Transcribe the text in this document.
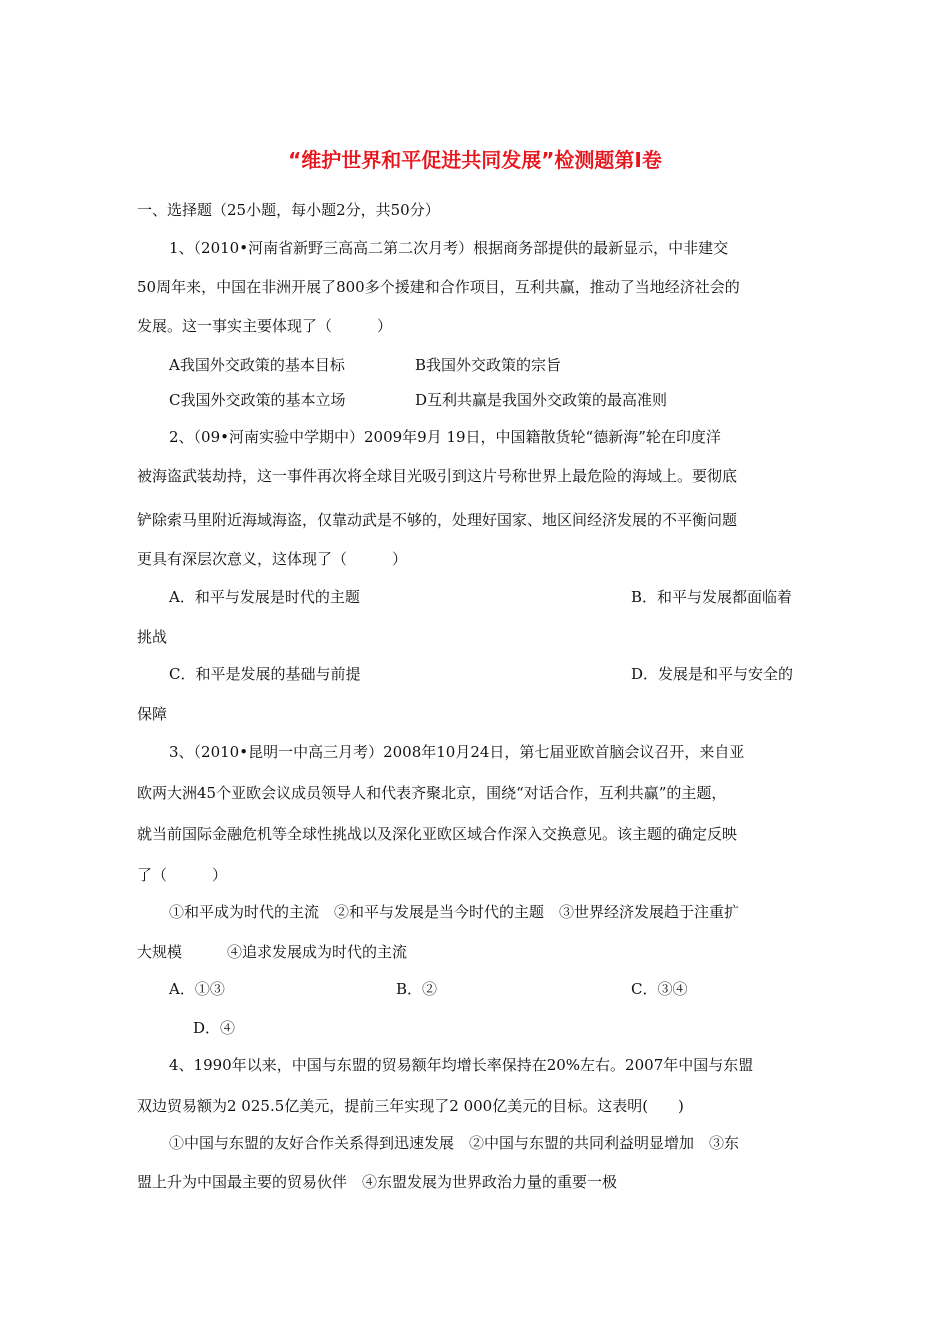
“维护世界和平促进共同发展”检测题第Ⅰ卷
一、选择题（25小题，每小题2分，共50分）
1、（2010•河南省新野三高高二第二次月考）根据商务部提供的最新显示，中非建交
50周年来，中国在非洲开展了800多个援建和合作项目，互利共赢，推动了当地经济社会的
发展。这一事实主要体现了（　　　）
A我国外交政策的基本目标	B我国外交政策的宗旨
C我国外交政策的基本立场	D互利共赢是我国外交政策的最高准则
2、（09•河南实验中学期中）2009年9月 19日，中国籍散货轮“德新海”轮在印度洋
被海盗武装劫持，这一事件再次将全球目光吸引到这片号称世界上最危险的海域上。要彻底
铲除索马里附近海域海盗，仅靠动武是不够的，处理好国家、地区间经济发展的不平衡问题
更具有深层次意义，这体现了（　　　）
A．和平与发展是时代的主题	B．和平与发展都面临着
挑战
C．和平是发展的基础与前提	D．发展是和平与安全的
保障
3、（2010•昆明一中高三月考）2008年10月24日，第七届亚欧首脑会议召开，来自亚
欧两大洲45个亚欧会议成员领导人和代表齐聚北京，围绕“对话合作，互利共赢”的主题，
就当前国际金融危机等全球性挑战以及深化亚欧区域合作深入交换意见。该主题的确定反映
了（　　　）
①和平成为时代的主流　②和平与发展是当今时代的主题　③世界经济发展趋于注重扩
大规模　　　④追求发展成为时代的主流
A．①③	B．②	C．③④
D．④
4、1990年以来，中国与东盟的贸易额年均增长率保持在20%左右。2007年中国与东盟
双边贸易额为2 025.5亿美元，提前三年实现了2 000亿美元的目标。这表明(　　)
①中国与东盟的友好合作关系得到迅速发展　②中国与东盟的共同利益明显增加　③东
盟上升为中国最主要的贸易伙伴　④东盟发展为世界政治力量的重要一极
